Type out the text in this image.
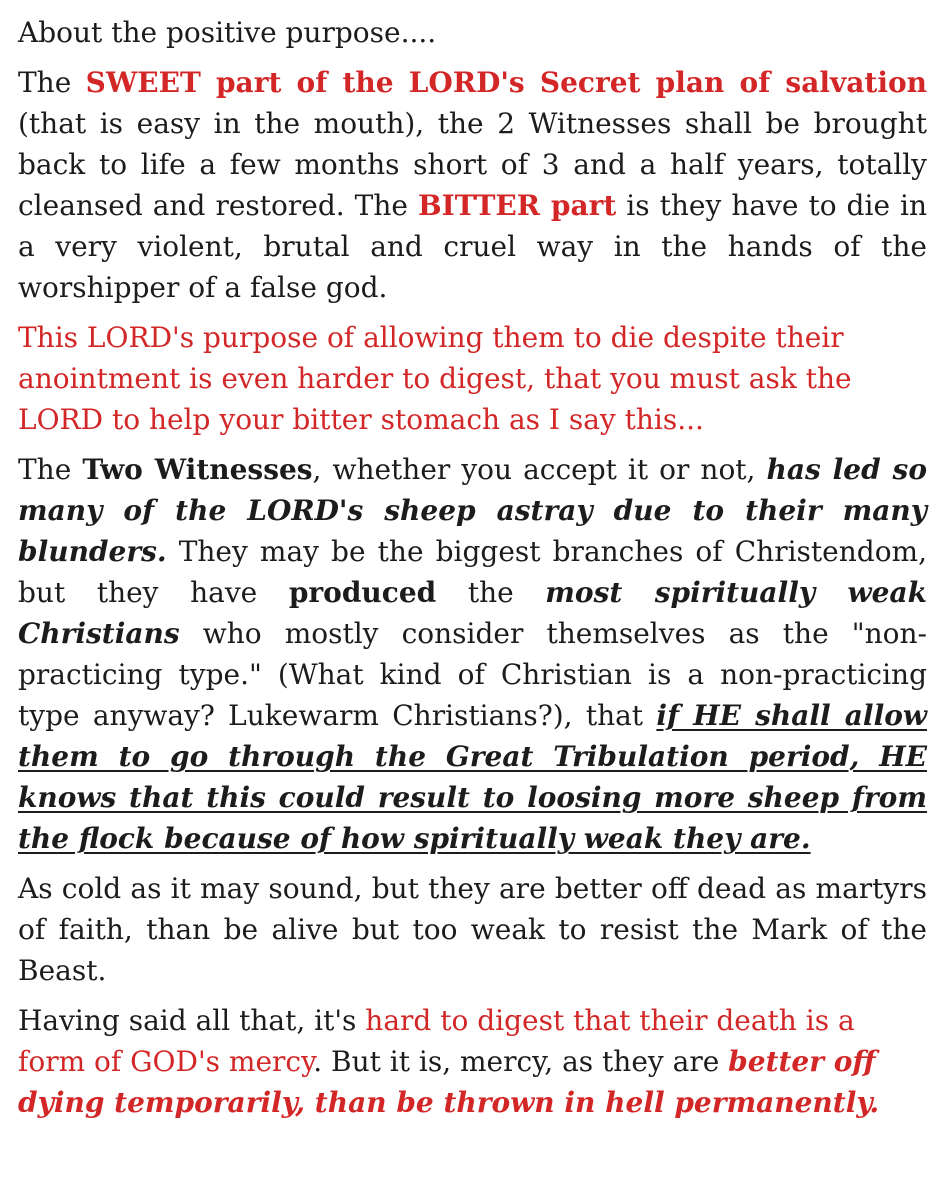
About the positive purpose....

The SWEET part of the LORD's Secret plan of salvation (that is easy in the mouth), the 2 Witnesses shall be brought back to life a few months short of 3 and a half years, totally cleansed and restored. The BITTER part is they have to die in a very violent, brutal and cruel way in the hands of the worshipper of a false god.

This LORD's purpose of allowing them to die despite their anointment is even harder to digest, that you must ask the LORD to help your bitter stomach as I say this...

The Two Witnesses, whether you accept it or not, has led so many of the LORD's sheep astray due to their many blunders. They may be the biggest branches of Christendom, but they have produced the most spiritually weak Christians who mostly consider themselves as the "non-practicing type." (What kind of Christian is a non-practicing type anyway? Lukewarm Christians?), that if HE shall allow them to go through the Great Tribulation period, HE knows that this could result to loosing more sheep from the flock because of how spiritually weak they are.

As cold as it may sound, but they are better off dead as martyrs of faith, than be alive but too weak to resist the Mark of the Beast.

Having said all that, it's hard to digest that their death is a form of GOD's mercy. But it is, mercy, as they are better off dying temporarily, than be thrown in hell permanently.
